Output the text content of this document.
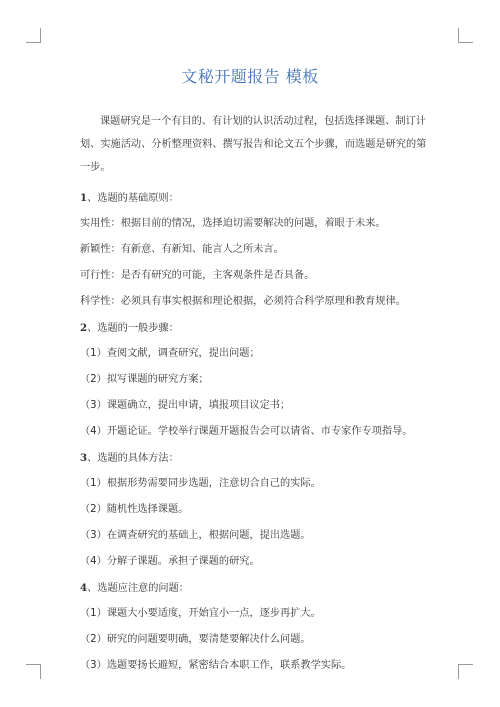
文秘开题报告 模板

课题研究是一个有目的、有计划的认识活动过程，包括选择课题、制订计划、实施活动、分析整理资料、撰写报告和论文五个步骤，而选题是研究的第一步。

1、选题的基础原则：

实用性：根据目前的情况，选择迫切需要解决的问题，着眼于未来。

新颖性：有新意、有新知、能言人之所未言。

可行性：是否有研究的可能，主客观条件是否具备。

科学性：必须具有事实根据和理论根据，必须符合科学原理和教育规律。

2、选题的一般步骤：

（1）查阅文献，调查研究，提出问题；

（2）拟写课题的研究方案；

（3）课题确立，提出申请，填报项目议定书；

（4）开题论证。学校举行课题开题报告会可以请省、市专家作专项指导。

3、选题的具体方法：

（1）根据形势需要同步选题，注意切合自己的实际。

（2）随机性选择课题。

（3）在调查研究的基础上，根据问题，提出选题。

（4）分解子课题。承担子课题的研究。

4、选题应注意的问题：

（1）课题大小要适度，开始宜小一点，逐步再扩大。

（2）研究的问题要明确，要清楚要解决什么问题。

（3）选题要扬长避短，紧密结合本职工作，联系教学实际。
